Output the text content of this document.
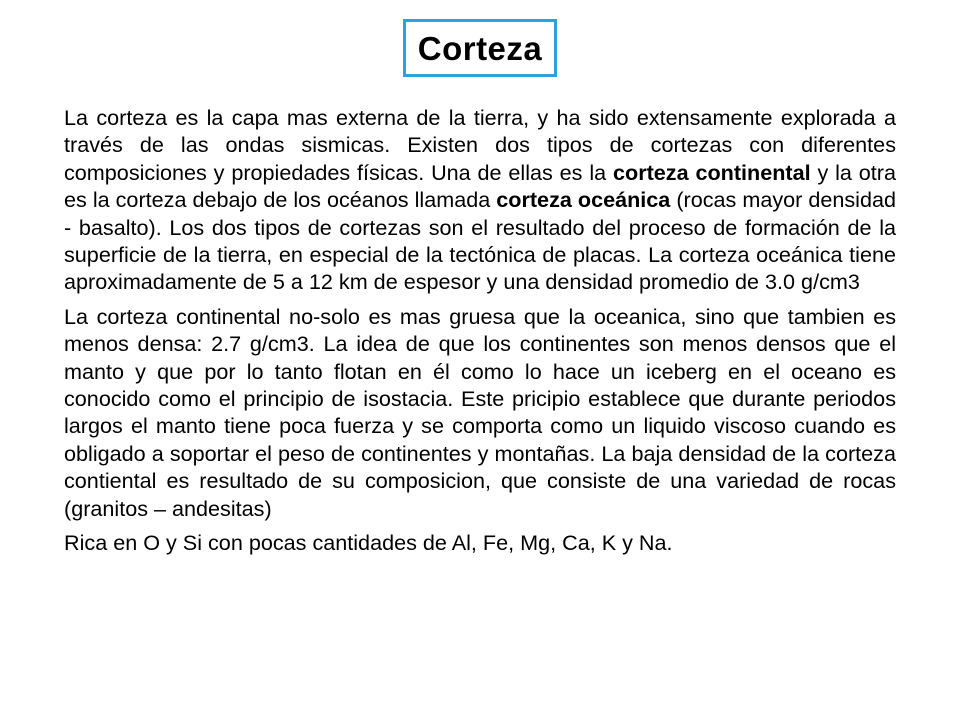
Corteza

La corteza es la capa mas externa de la tierra, y ha sido extensamente explorada a través de las ondas sismicas. Existen dos tipos de cortezas con diferentes composiciones y propiedades físicas. Una de ellas es la corteza continental y la otra es la corteza debajo de los océanos llamada corteza oceánica (rocas mayor densidad - basalto). Los dos tipos de cortezas son el resultado del proceso de formación de la superficie de la tierra, en especial de la tectónica de placas. La corteza oceánica tiene aproximadamente de 5 a 12 km de espesor y una densidad promedio de 3.0 g/cm3

La corteza continental no-solo es mas gruesa que la oceanica, sino que tambien es menos densa: 2.7 g/cm3. La idea de que los continentes son menos densos que el manto y que por lo tanto flotan en él como lo hace un iceberg en el oceano es conocido como el principio de isostacia. Este pricipio establece que durante periodos largos el manto tiene poca fuerza y se comporta como un liquido viscoso cuando es obligado a soportar el peso de continentes y montañas. La baja densidad de la corteza contiental es resultado de su composicion, que consiste de una variedad de rocas (granitos – andesitas)

Rica en O y Si con pocas cantidades de Al, Fe, Mg, Ca, K y Na.
